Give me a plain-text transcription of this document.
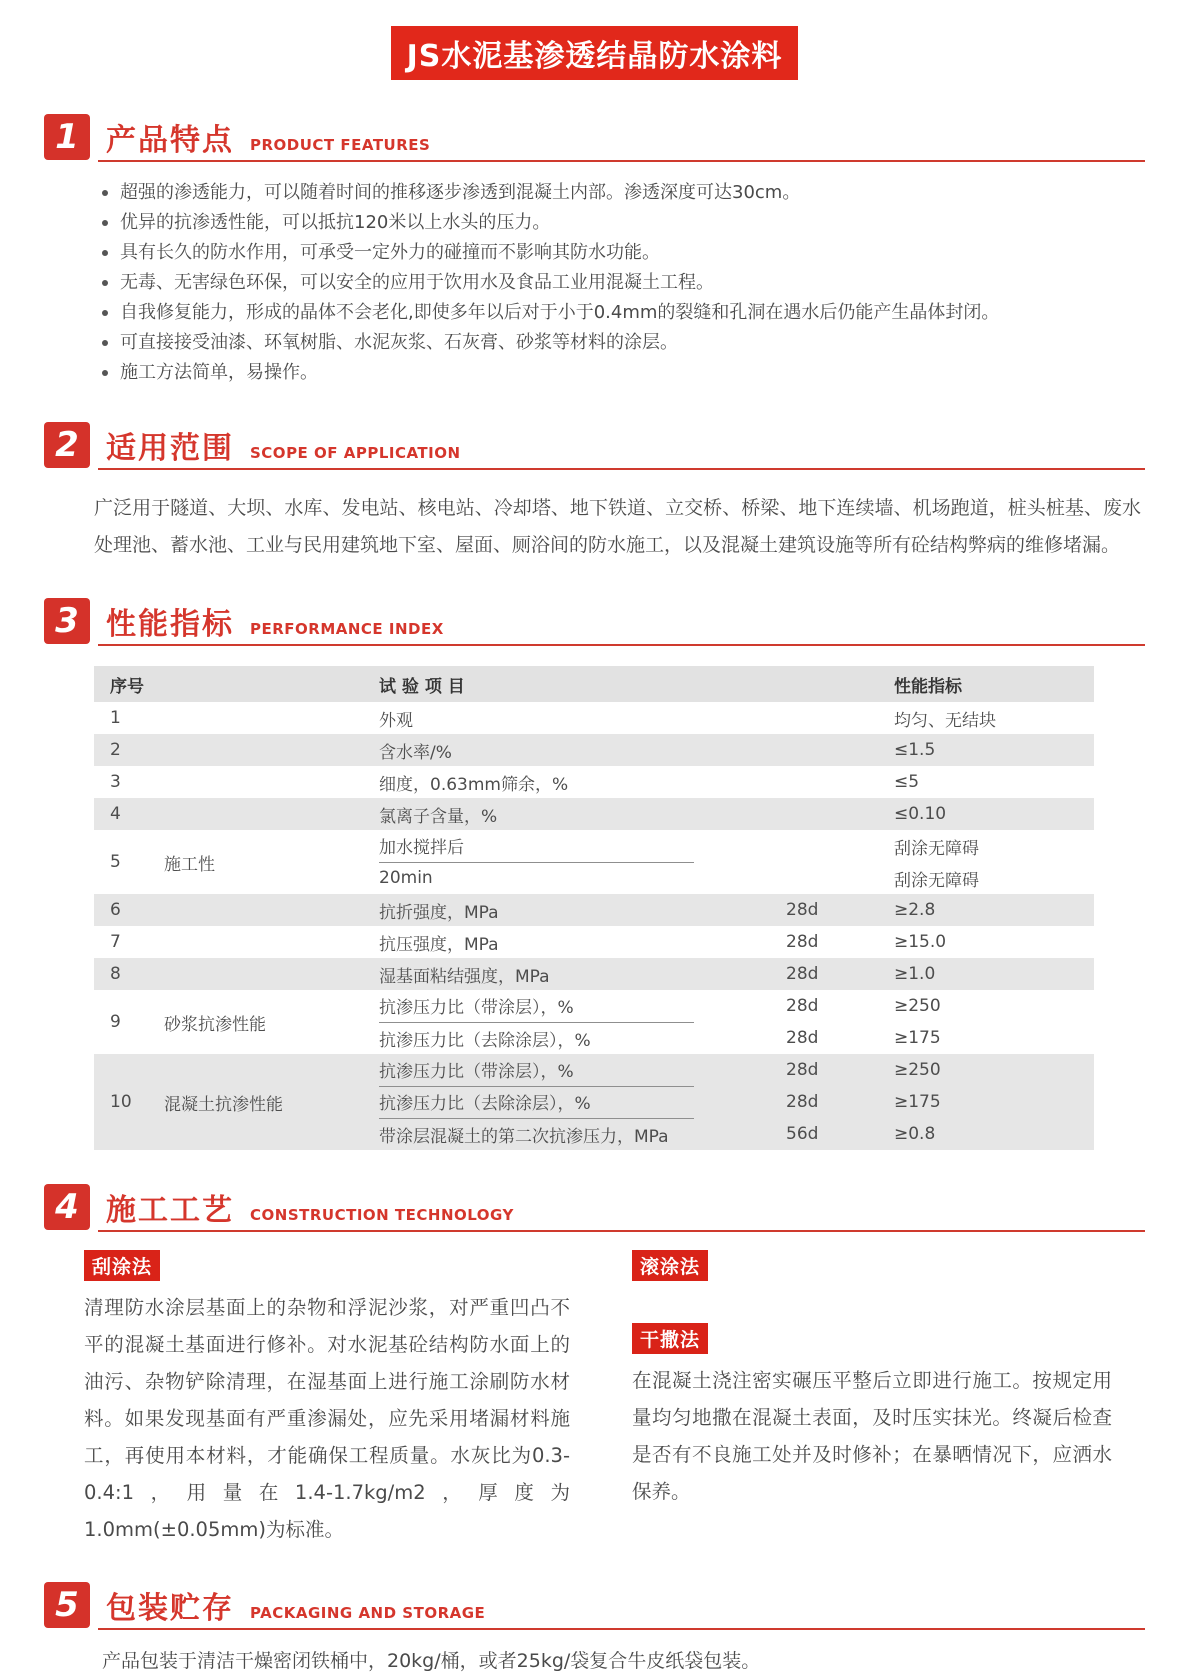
JS水泥基渗透结晶防水涂料
1 产品特点 PRODUCT FEATURES
超强的渗透能力，可以随着时间的推移逐步渗透到混凝土内部。渗透深度可达30cm。
优异的抗渗透性能，可以抵抗120米以上水头的压力。
具有长久的防水作用，可承受一定外力的碰撞而不影响其防水功能。
无毒、无害绿色环保，可以安全的应用于饮用水及食品工业用混凝土工程。
自我修复能力，形成的晶体不会老化,即使多年以后对于小于0.4mm的裂缝和孔洞在遇水后仍能产生晶体封闭。
可直接接受油漆、环氧树脂、水泥灰浆、石灰膏、砂浆等材料的涂层。
施工方法简单，易操作。
2 适用范围 SCOPE OF APPLICATION

广泛用于隧道、大坝、水库、发电站、核电站、冷却塔、地下铁道、立交桥、桥梁、地下连续墙、机场跑道，桩头桩基、废水处理池、蓄水池、工业与民用建筑地下室、屋面、厕浴间的防水施工，以及混凝土建筑设施等所有砼结构弊病的维修堵漏。

3 性能指标 PERFORMANCE INDEX
序号	试 验 项 目	性能指标
1	外观	均匀、无结块
2	含水率/%	≤1.5
3	细度，0.63mm筛余，%	≤5
4	氯离子含量，%	≤0.10
5	施工性
加水搅拌后	刮涂无障碍
20min	刮涂无障碍
6	抗折强度，MPa	28d	≥2.8
7	抗压强度，MPa	28d	≥15.0
8	湿基面粘结强度，MPa	28d	≥1.0
9	砂浆抗渗性能
抗渗压力比（带涂层），%	28d	≥250
抗渗压力比（去除涂层），%	28d	≥175
10	混凝土抗渗性能
抗渗压力比（带涂层），%	28d	≥250
抗渗压力比（去除涂层），%	28d	≥175
带涂层混凝土的第二次抗渗压力，MPa	56d	≥0.8
4 施工工艺 CONSTRUCTION TECHNOLOGY
刮涂法

清理防水涂层基面上的杂物和浮泥沙浆，对严重凹凸不平的混凝土基面进行修补。对水泥基砼结构防水面上的油污、杂物铲除清理，在湿基面上进行施工涂刷防水材料。如果发现基面有严重渗漏处，应先采用堵漏材料施工，再使用本材料，才能确保工程质量。水灰比为0.3-0.4:1，用量在1.4-1.7kg/m2，厚度为1.0mm(±0.05mm)为标准。

滚涂法
干撒法

在混凝土浇注密实碾压平整后立即进行施工。按规定用量均匀地撒在混凝土表面，及时压实抹光。终凝后检查是否有不良施工处并及时修补；在暴晒情况下，应洒水保养。

5 包装贮存 PACKAGING AND STORAGE

产品包装于清洁干燥密闭铁桶中，20kg/桶，或者25kg/袋复合牛皮纸袋包装。
